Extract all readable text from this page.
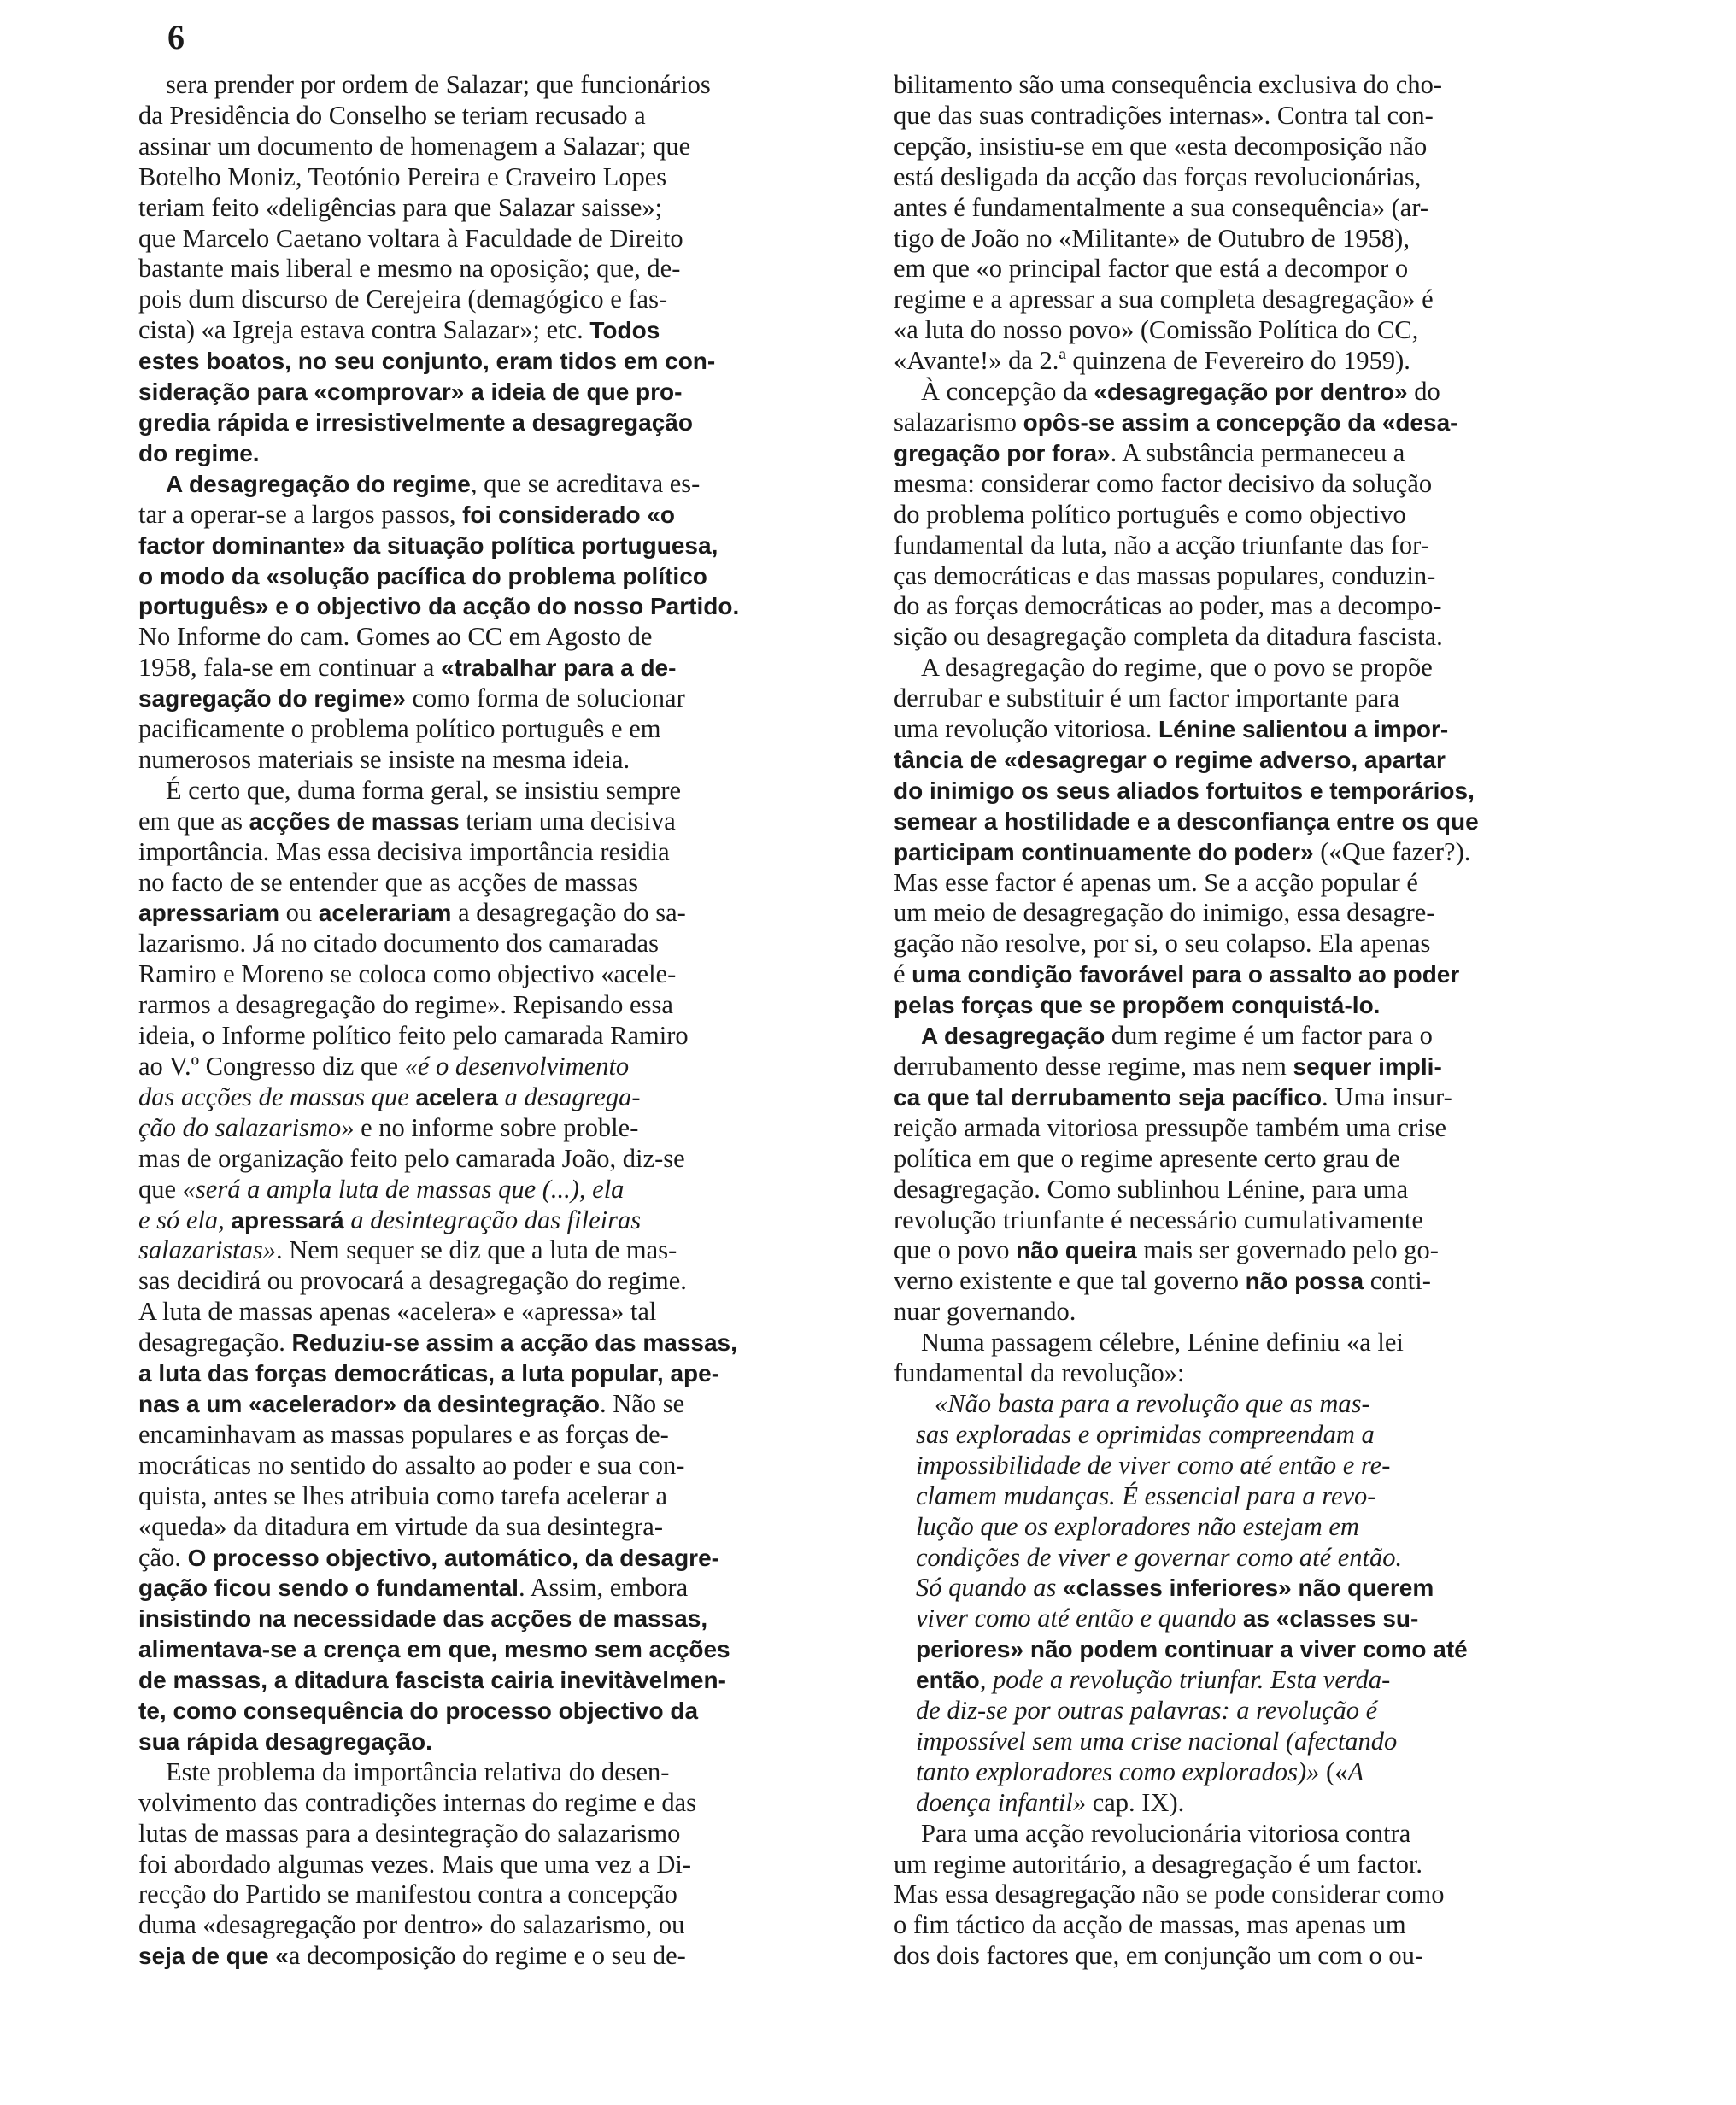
6
sera prender por ordem de Salazar; que funcionários
da Presidência do Conselho se teriam recusado a
assinar um documento de homenagem a Salazar; que
Botelho Moniz, Teotónio Pereira e Craveiro Lopes
teriam feito «deligências para que Salazar saisse»;
que Marcelo Caetano voltara à Faculdade de Direito
bastante mais liberal e mesmo na oposição; que, de-
pois dum discurso de Cerejeira (demagógico e fas-
cista) «a Igreja estava contra Salazar»; etc. Todos
estes boatos, no seu conjunto, eram tidos em con-
sideração para «comprovar» a ideia de que pro-
gredia rápida e irresistivelmente a desagregação
do regime.
A desagregação do regime, que se acreditava es-
tar a operar-se a largos passos, foi considerado «o
factor dominante» da situação política portuguesa,
o modo da «solução pacífica do problema político
português» e o objectivo da acção do nosso Partido.
No Informe do cam. Gomes ao CC em Agosto de
1958, fala-se em continuar a «trabalhar para a de-
sagregação do regime» como forma de solucionar
pacificamente o problema político português e em
numerosos materiais se insiste na mesma ideia.
É certo que, duma forma geral, se insistiu sempre
em que as acções de massas teriam uma decisiva
importância. Mas essa decisiva importância residia
no facto de se entender que as acções de massas
apressariam ou acelerariam a desagregação do sa-
lazarismo. Já no citado documento dos camaradas
Ramiro e Moreno se coloca como objectivo «acele-
rarmos a desagregação do regime». Repisando essa
ideia, o Informe político feito pelo camarada Ramiro
ao V.º Congresso diz que «é o desenvolvimento
das acções de massas que acelera a desagrega-
ção do salazarismo» e no informe sobre proble-
mas de organização feito pelo camarada João, diz-se
que «será a ampla luta de massas que (...), ela
e só ela, apressará a desintegração das fileiras
salazaristas». Nem sequer se diz que a luta de mas-
sas decidirá ou provocará a desagregação do regime.
A luta de massas apenas «acelera» e «apressa» tal
desagregação. Reduziu-se assim a acção das massas,
a luta das forças democráticas, a luta popular, ape-
nas a um «acelerador» da desintegração. Não se
encaminhavam as massas populares e as forças de-
mocráticas no sentido do assalto ao poder e sua con-
quista, antes se lhes atribuia como tarefa acelerar a
«queda» da ditadura em virtude da sua desintegra-
ção. O processo objectivo, automático, da desagre-
gação ficou sendo o fundamental. Assim, embora
insistindo na necessidade das acções de massas,
alimentava-se a crença em que, mesmo sem acções
de massas, a ditadura fascista cairia inevitàvelmen-
te, como consequência do processo objectivo da
sua rápida desagregação.
Este problema da importância relativa do desen-
volvimento das contradições internas do regime e das
lutas de massas para a desintegração do salazarismo
foi abordado algumas vezes. Mais que uma vez a Di-
recção do Partido se manifestou contra a concepção
duma «desagregação por dentro» do salazarismo, ou
seja de que «a decomposição do regime e o seu de-
bilitamento são uma consequência exclusiva do cho-
que das suas contradições internas». Contra tal con-
cepção, insistiu-se em que «esta decomposição não
está desligada da acção das forças revolucionárias,
antes é fundamentalmente a sua consequência» (ar-
tigo de João no «Militante» de Outubro de 1958),
em que «o principal factor que está a decompor o
regime e a apressar a sua completa desagregação» é
«a luta do nosso povo» (Comissão Política do CC,
«Avante!» da 2.ª quinzena de Fevereiro do 1959).
À concepção da «desagregação por dentro» do
salazarismo opôs-se assim a concepção da «desa-
gregação por fora». A substância permaneceu a
mesma: considerar como factor decisivo da solução
do problema político português e como objectivo
fundamental da luta, não a acção triunfante das for-
ças democráticas e das massas populares, conduzin-
do as forças democráticas ao poder, mas a decompo-
sição ou desagregação completa da ditadura fascista.
A desagregação do regime, que o povo se propõe
derrubar e substituir é um factor importante para
uma revolução vitoriosa. Lénine salientou a impor-
tância de «desagregar o regime adverso, apartar
do inimigo os seus aliados fortuitos e temporários,
semear a hostilidade e a desconfiança entre os que
participam continuamente do poder» («Que fazer?).
Mas esse factor é apenas um. Se a acção popular é
um meio de desagregação do inimigo, essa desagre-
gação não resolve, por si, o seu colapso. Ela apenas
é uma condição favorável para o assalto ao poder
pelas forças que se propõem conquistá-lo.
A desagregação dum regime é um factor para o
derrubamento desse regime, mas nem sequer impli-
ca que tal derrubamento seja pacífico. Uma insur-
reição armada vitoriosa pressupõe também uma crise
política em que o regime apresente certo grau de
desagregação. Como sublinhou Lénine, para uma
revolução triunfante é necessário cumulativamente
que o povo não queira mais ser governado pelo go-
verno existente e que tal governo não possa conti-
nuar governando.
Numa passagem célebre, Lénine definiu «a lei
fundamental da revolução»:
«Não basta para a revolução que as mas-
sas exploradas e oprimidas compreendam a
impossibilidade de viver como até então e re-
clamem mudanças. É essencial para a revo-
lução que os exploradores não estejam em
condições de viver e governar como até então.
Só quando as «classes inferiores» não querem
viver como até então e quando as «classes su-
periores» não podem continuar a viver como até
então, pode a revolução triunfar. Esta verda-
de diz-se por outras palavras: a revolução é
impossível sem uma crise nacional (afectando
tanto exploradores como explorados)» («A
doença infantil» cap. IX).
Para uma acção revolucionária vitoriosa contra
um regime autoritário, a desagregação é um factor.
Mas essa desagregação não se pode considerar como
o fim táctico da acção de massas, mas apenas um
dos dois factores que, em conjunção um com o ou-
